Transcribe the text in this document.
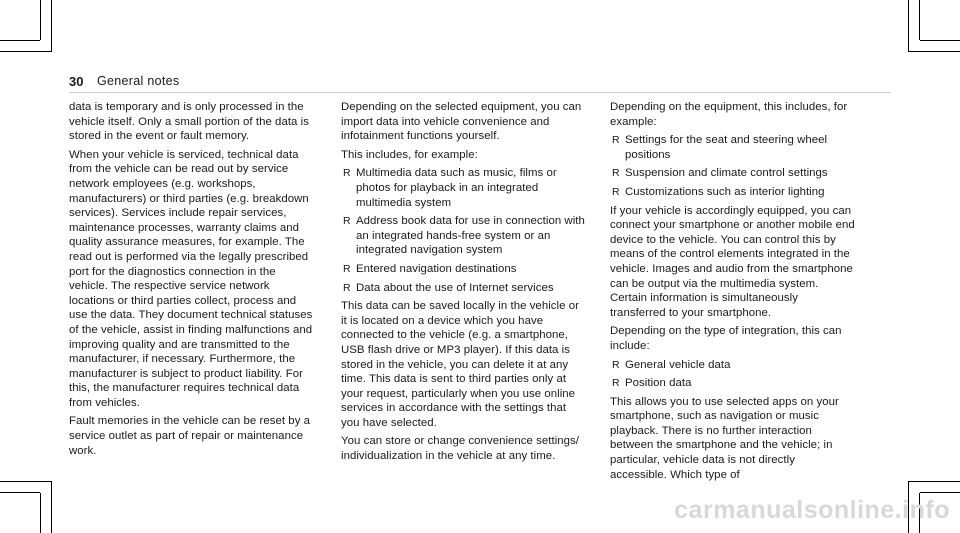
30 General notes

data is temporary and is only processed in the vehicle itself. Only a small portion of the data is stored in the event or fault memory.

When your vehicle is serviced, technical data from the vehicle can be read out by service network employees (e.g. workshops, manufacturers) or third parties (e.g. breakdown services). Services include repair services, maintenance processes, warranty claims and quality assurance measures, for example. The read out is performed via the legally prescribed port for the diagnostics connection in the vehicle. The respective service network locations or third parties collect, process and use the data. They document technical statuses of the vehicle, assist in finding malfunctions and improving quality and are transmitted to the manufacturer, if necessary. Furthermore, the manufacturer is subject to product liability. For this, the manufacturer requires technical data from vehicles.

Fault memories in the vehicle can be reset by a service outlet as part of repair or maintenance work.

Depending on the selected equipment, you can import data into vehicle convenience and infotainment functions yourself.

This includes, for example:

R Multimedia data such as music, films or photos for playback in an integrated multimedia system
R Address book data for use in connection with an integrated hands-free system or an integrated navigation system
R Entered navigation destinations
R Data about the use of Internet services

This data can be saved locally in the vehicle or it is located on a device which you have connected to the vehicle (e.g. a smartphone, USB flash drive or MP3 player). If this data is stored in the vehicle, you can delete it at any time. This data is sent to third parties only at your request, particularly when you use online services in accordance with the settings that you have selected.

You can store or change convenience settings/ individualization in the vehicle at any time.

Depending on the equipment, this includes, for example:

R Settings for the seat and steering wheel positions
R Suspension and climate control settings
R Customizations such as interior lighting

If your vehicle is accordingly equipped, you can connect your smartphone or another mobile end device to the vehicle. You can control this by means of the control elements integrated in the vehicle. Images and audio from the smartphone can be output via the multimedia system. Certain information is simultaneously transferred to your smartphone.

Depending on the type of integration, this can include:

R General vehicle data
R Position data

This allows you to use selected apps on your smartphone, such as navigation or music playback. There is no further interaction between the smartphone and the vehicle; in particular, vehicle data is not directly accessible. Which type of

carmanualsonline.info
